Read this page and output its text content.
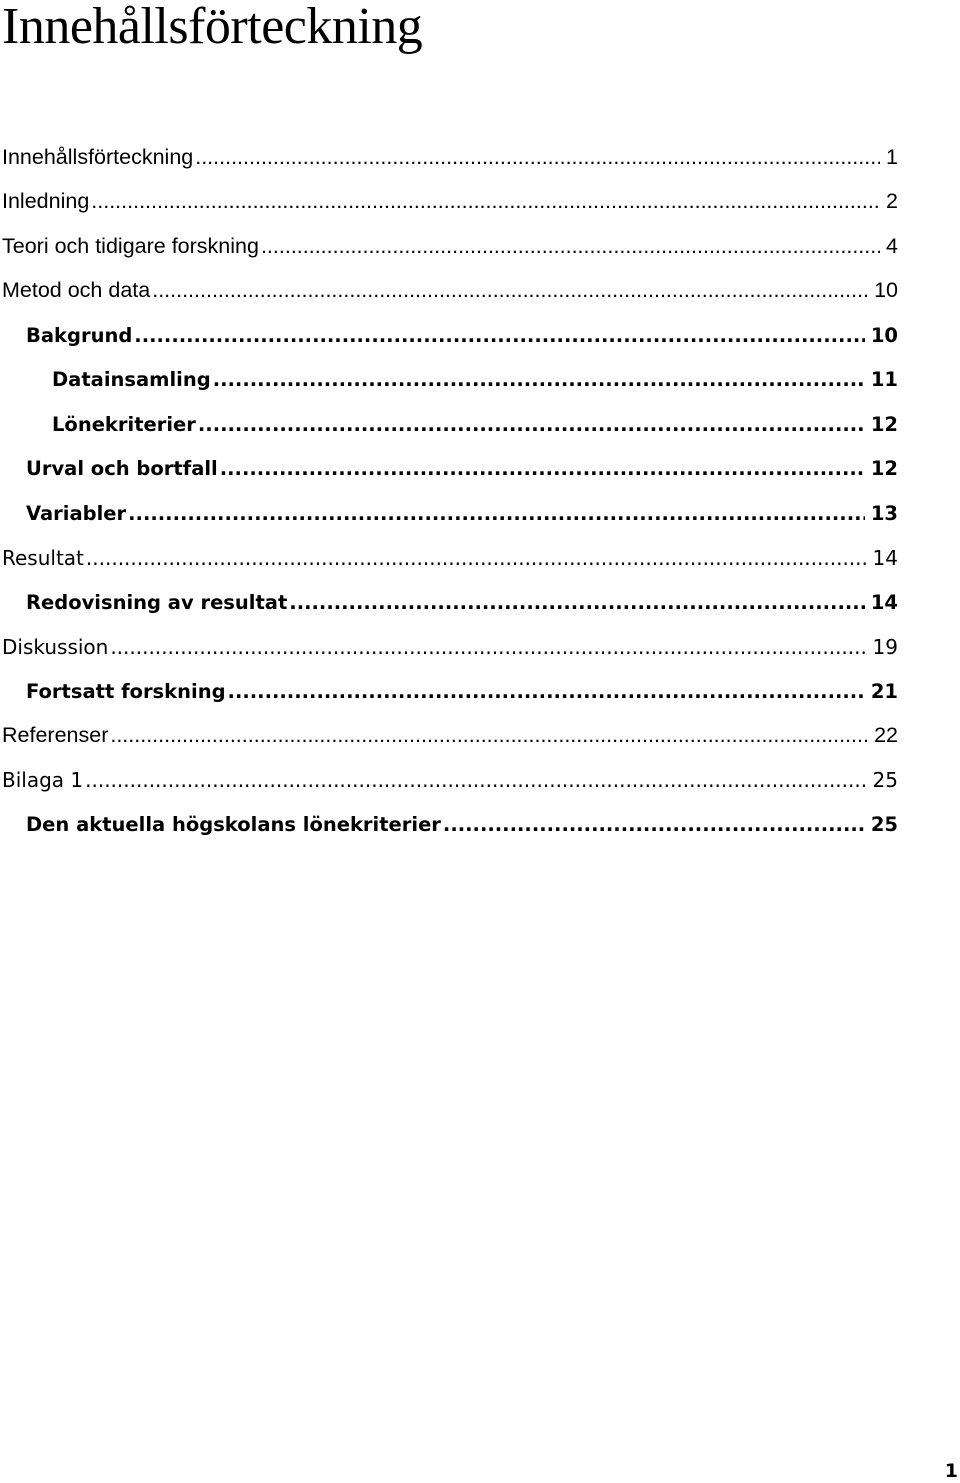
Innehållsförteckning
Innehållsförteckning .....	1
Inledning .....	2
Teori och tidigare forskning .....	4
Metod och data .....	10
Bakgrund .....	10
Datainsamling .....	11
Lönekriterier .....	12
Urval och bortfall .....	12
Variabler .....	13
Resultat .....	14
Redovisning av resultat .....	14
Diskussion .....	19
Fortsatt forskning .....	21
Referenser .....	22
Bilaga 1 .....	25
Den aktuella högskolans lönekriterier .....	25
1
